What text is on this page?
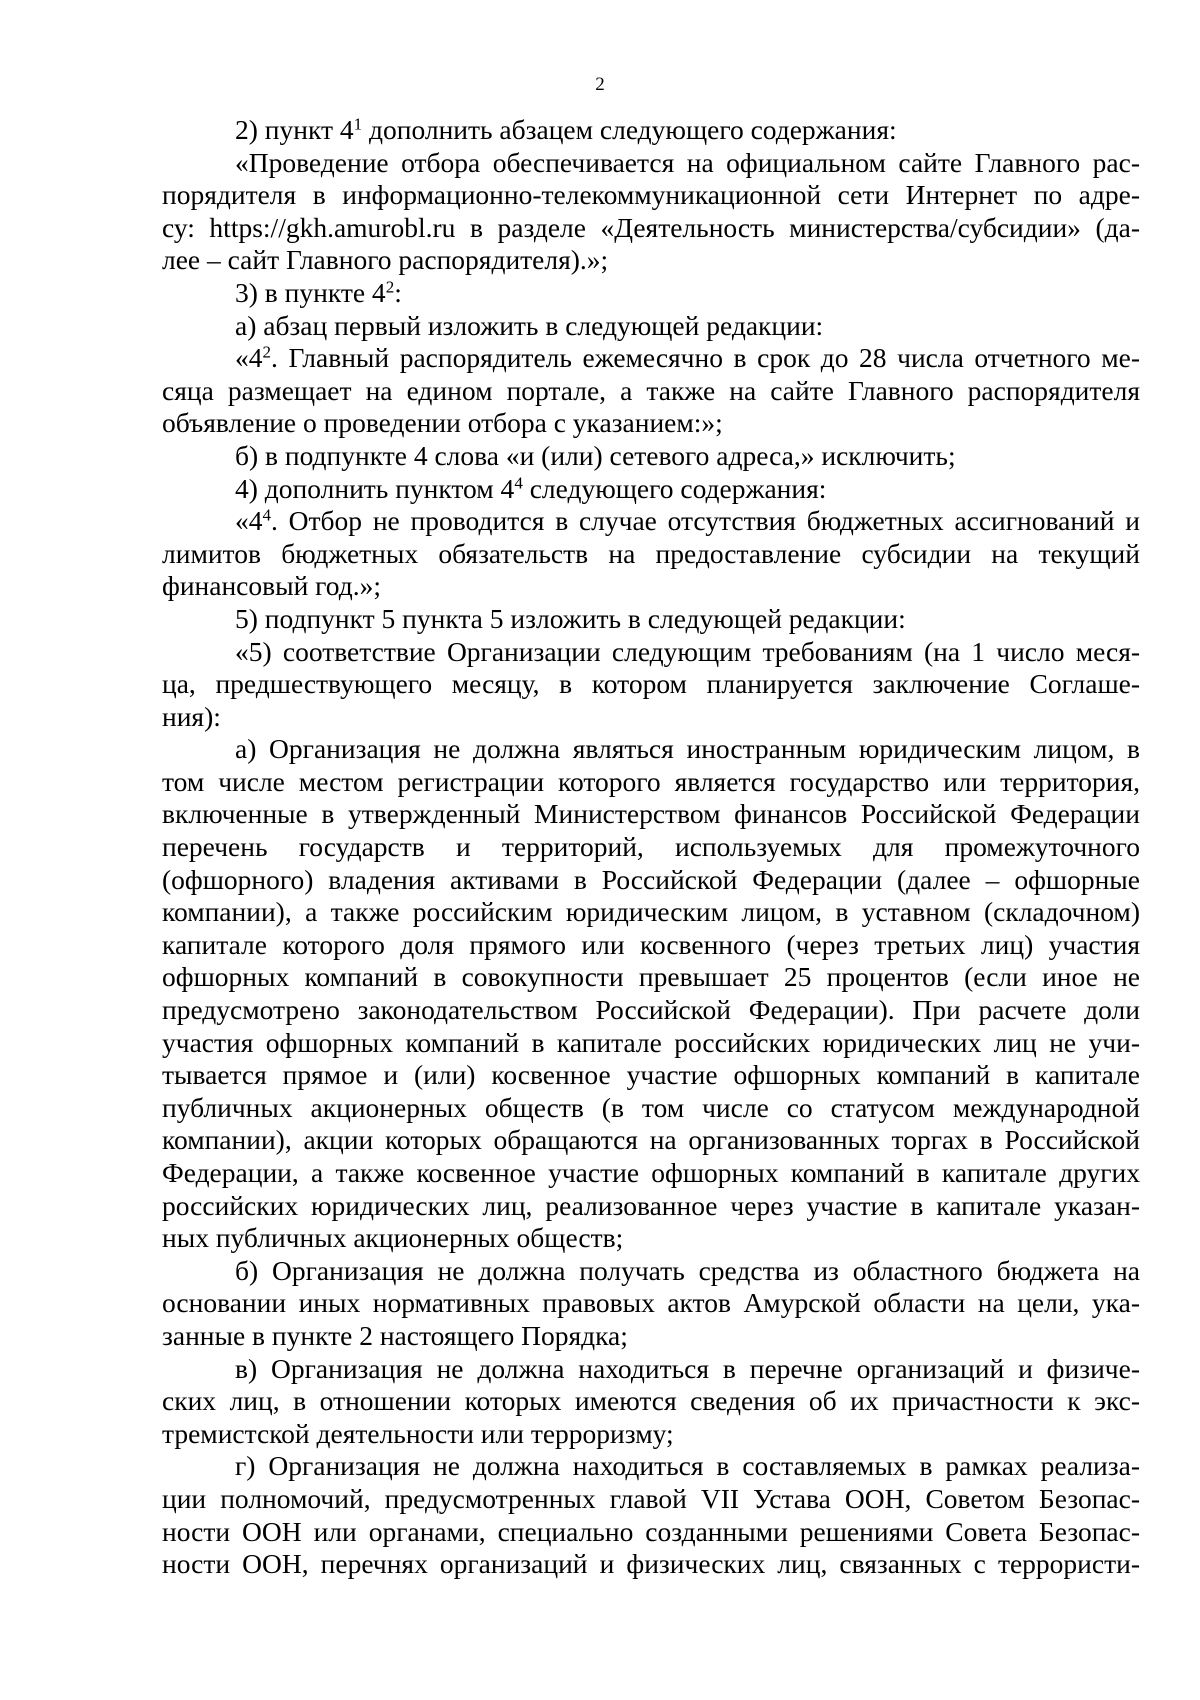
2
2) пункт $4^1$ дополнить абзацем следующего содержания:
«Проведение отбора обеспечивается на официальном сайте Главного рас-
порядителя в информационно-телекоммуникационной сети Интернет по адре-
су: https://gkh.amurobl.ru в разделе «Деятельность министерства/субсидии» (да-
лее – сайт Главного распорядителя).»;
3) в пункте $4^2$:
а) абзац первый изложить в следующей редакции:
«$4^2$. Главный распорядитель ежемесячно в срок до 28 числа отчетного ме-
сяца размещает на едином портале, а также на сайте Главного распорядителя
объявление о проведении отбора с указанием:»;
б) в подпункте 4 слова «и (или) сетевого адреса,» исключить;
4) дополнить пунктом $4^4$ следующего содержания:
«$4^4$. Отбор не проводится в случае отсутствия бюджетных ассигнований и
лимитов бюджетных обязательств на предоставление субсидии на текущий
финансовый год.»;
5) подпункт 5 пункта 5 изложить в следующей редакции:
«5) соответствие Организации следующим требованиям (на 1 число меся-
ца, предшествующего месяцу, в котором планируется заключение Соглаше-
ния):
а) Организация не должна являться иностранным юридическим лицом, в
том числе местом регистрации которого является государство или территория,
включенные в утвержденный Министерством финансов Российской Федерации
перечень государств и территорий, используемых для промежуточного
(офшорного) владения активами в Российской Федерации (далее – офшорные
компании), а также российским юридическим лицом, в уставном (складочном)
капитале которого доля прямого или косвенного (через третьих лиц) участия
офшорных компаний в совокупности превышает 25 процентов (если иное не
предусмотрено законодательством Российской Федерации). При расчете доли
участия офшорных компаний в капитале российских юридических лиц не учи-
тывается прямое и (или) косвенное участие офшорных компаний в капитале
публичных акционерных обществ (в том числе со статусом международной
компании), акции которых обращаются на организованных торгах в Российской
Федерации, а также косвенное участие офшорных компаний в капитале других
российских юридических лиц, реализованное через участие в капитале указан-
ных публичных акционерных обществ;
б) Организация не должна получать средства из областного бюджета на
основании иных нормативных правовых актов Амурской области на цели, ука-
занные в пункте 2 настоящего Порядка;
в) Организация не должна находиться в перечне организаций и физиче-
ских лиц, в отношении которых имеются сведения об их причастности к экс-
тремистской деятельности или терроризму;
г) Организация не должна находиться в составляемых в рамках реализа-
ции полномочий, предусмотренных главой VII Устава ООН, Советом Безопас-
ности ООН или органами, специально созданными решениями Совета Безопас-
ности ООН, перечнях организаций и физических лиц, связанных с террористи-
